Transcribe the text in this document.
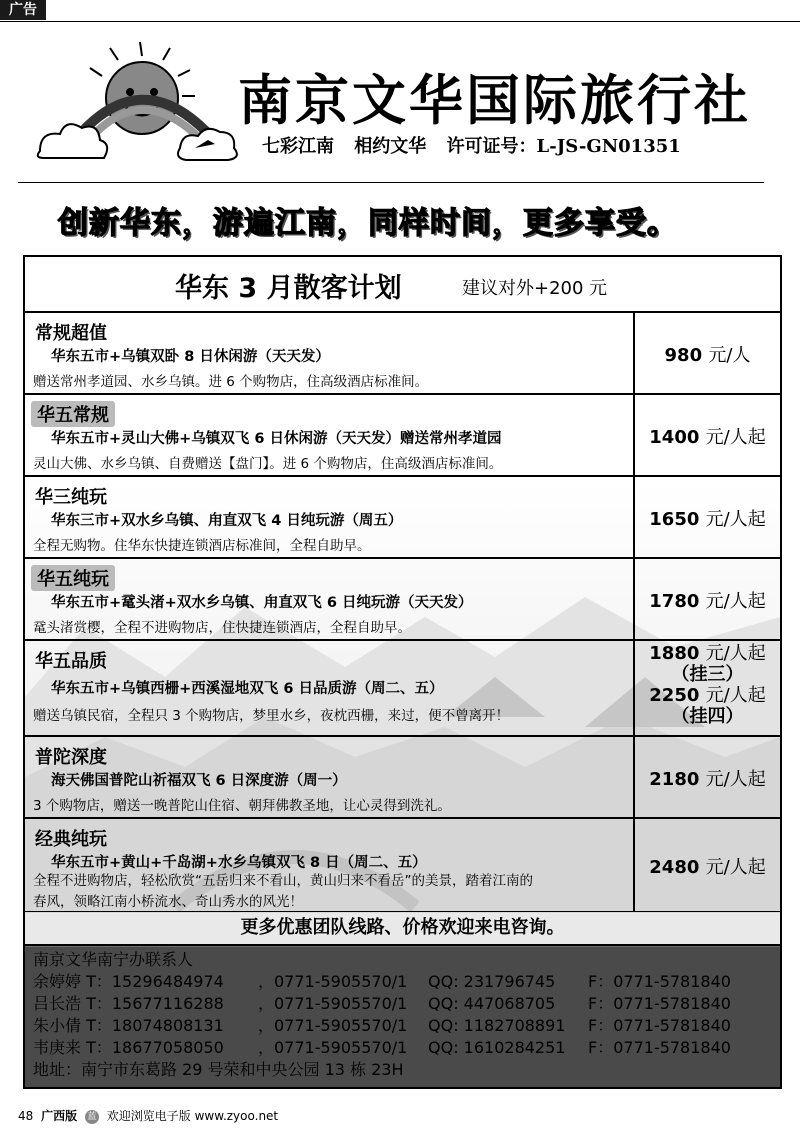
广告
南京文华国际旅行社
七彩江南 相约文华 许可证号：L-JS-GN01351
创新华东，游遍江南，同样时间，更多享受。
华东 3 月散客计划	建议对外+200 元
常规超值
华东五市+乌镇双卧 8 日休闲游（天天发）
赠送常州孝道园、水乡乌镇。进 6 个购物店，住高级酒店标准间。
980 元/人
华五常规
华东五市+灵山大佛+乌镇双飞 6 日休闲游（天天发）赠送常州孝道园
灵山大佛、水乡乌镇、自费赠送【盘门】。进 6 个购物店，住高级酒店标准间。
1400 元/人起
华三纯玩
华东三市+双水乡乌镇、甪直双飞 4 日纯玩游（周五）
全程无购物。住华东快捷连锁酒店标准间，全程自助早。
1650 元/人起
华五纯玩
华东五市+鼋头渚+双水乡乌镇、甪直双飞 6 日纯玩游（天天发）
鼋头渚赏樱，全程不进购物店，住快捷连锁酒店，全程自助早。
1780 元/人起
华五品质
华东五市+乌镇西栅+西溪湿地双飞 6 日品质游（周二、五）
赠送乌镇民宿，全程只 3 个购物店，梦里水乡，夜枕西栅，来过，便不曾离开！
1880 元/人起
（挂三）
2250 元/人起
（挂四）
普陀深度
海天佛国普陀山祈福双飞 6 日深度游（周一）
3 个购物店，赠送一晚普陀山住宿、朝拜佛教圣地，让心灵得到洗礼。
2180 元/人起
经典纯玩
华东五市+黄山+千岛湖+水乡乌镇双飞 8 日（周二、五）
全程不进购物店，轻松欣赏“五岳归来不看山，黄山归来不看岳”的美景，踏着江南的
春风，领略江南小桥流水、奇山秀水的风光！
2480 元/人起
更多优惠团队线路、价格欢迎来电咨询。
南京文华南宁办联系人
余婷婷 T：15296484974 ，0771-5905570/1 QQ: 231796745 F：0771-5781840
吕长浩 T：15677116288 ，0771-5905570/1 QQ: 447068705 F：0771-5781840
朱小倩 T：18074808131 ，0771-5905570/1 QQ: 1182708891 F：0771-5781840
韦庚来 T：18677058050 ，0771-5905570/1 QQ: 1610284251 F：0771-5781840
地址：南宁市东葛路 29 号荣和中央公园 13 栋 23H
48 广西版 蓝 欢迎浏览电子版 www.zyoo.net
